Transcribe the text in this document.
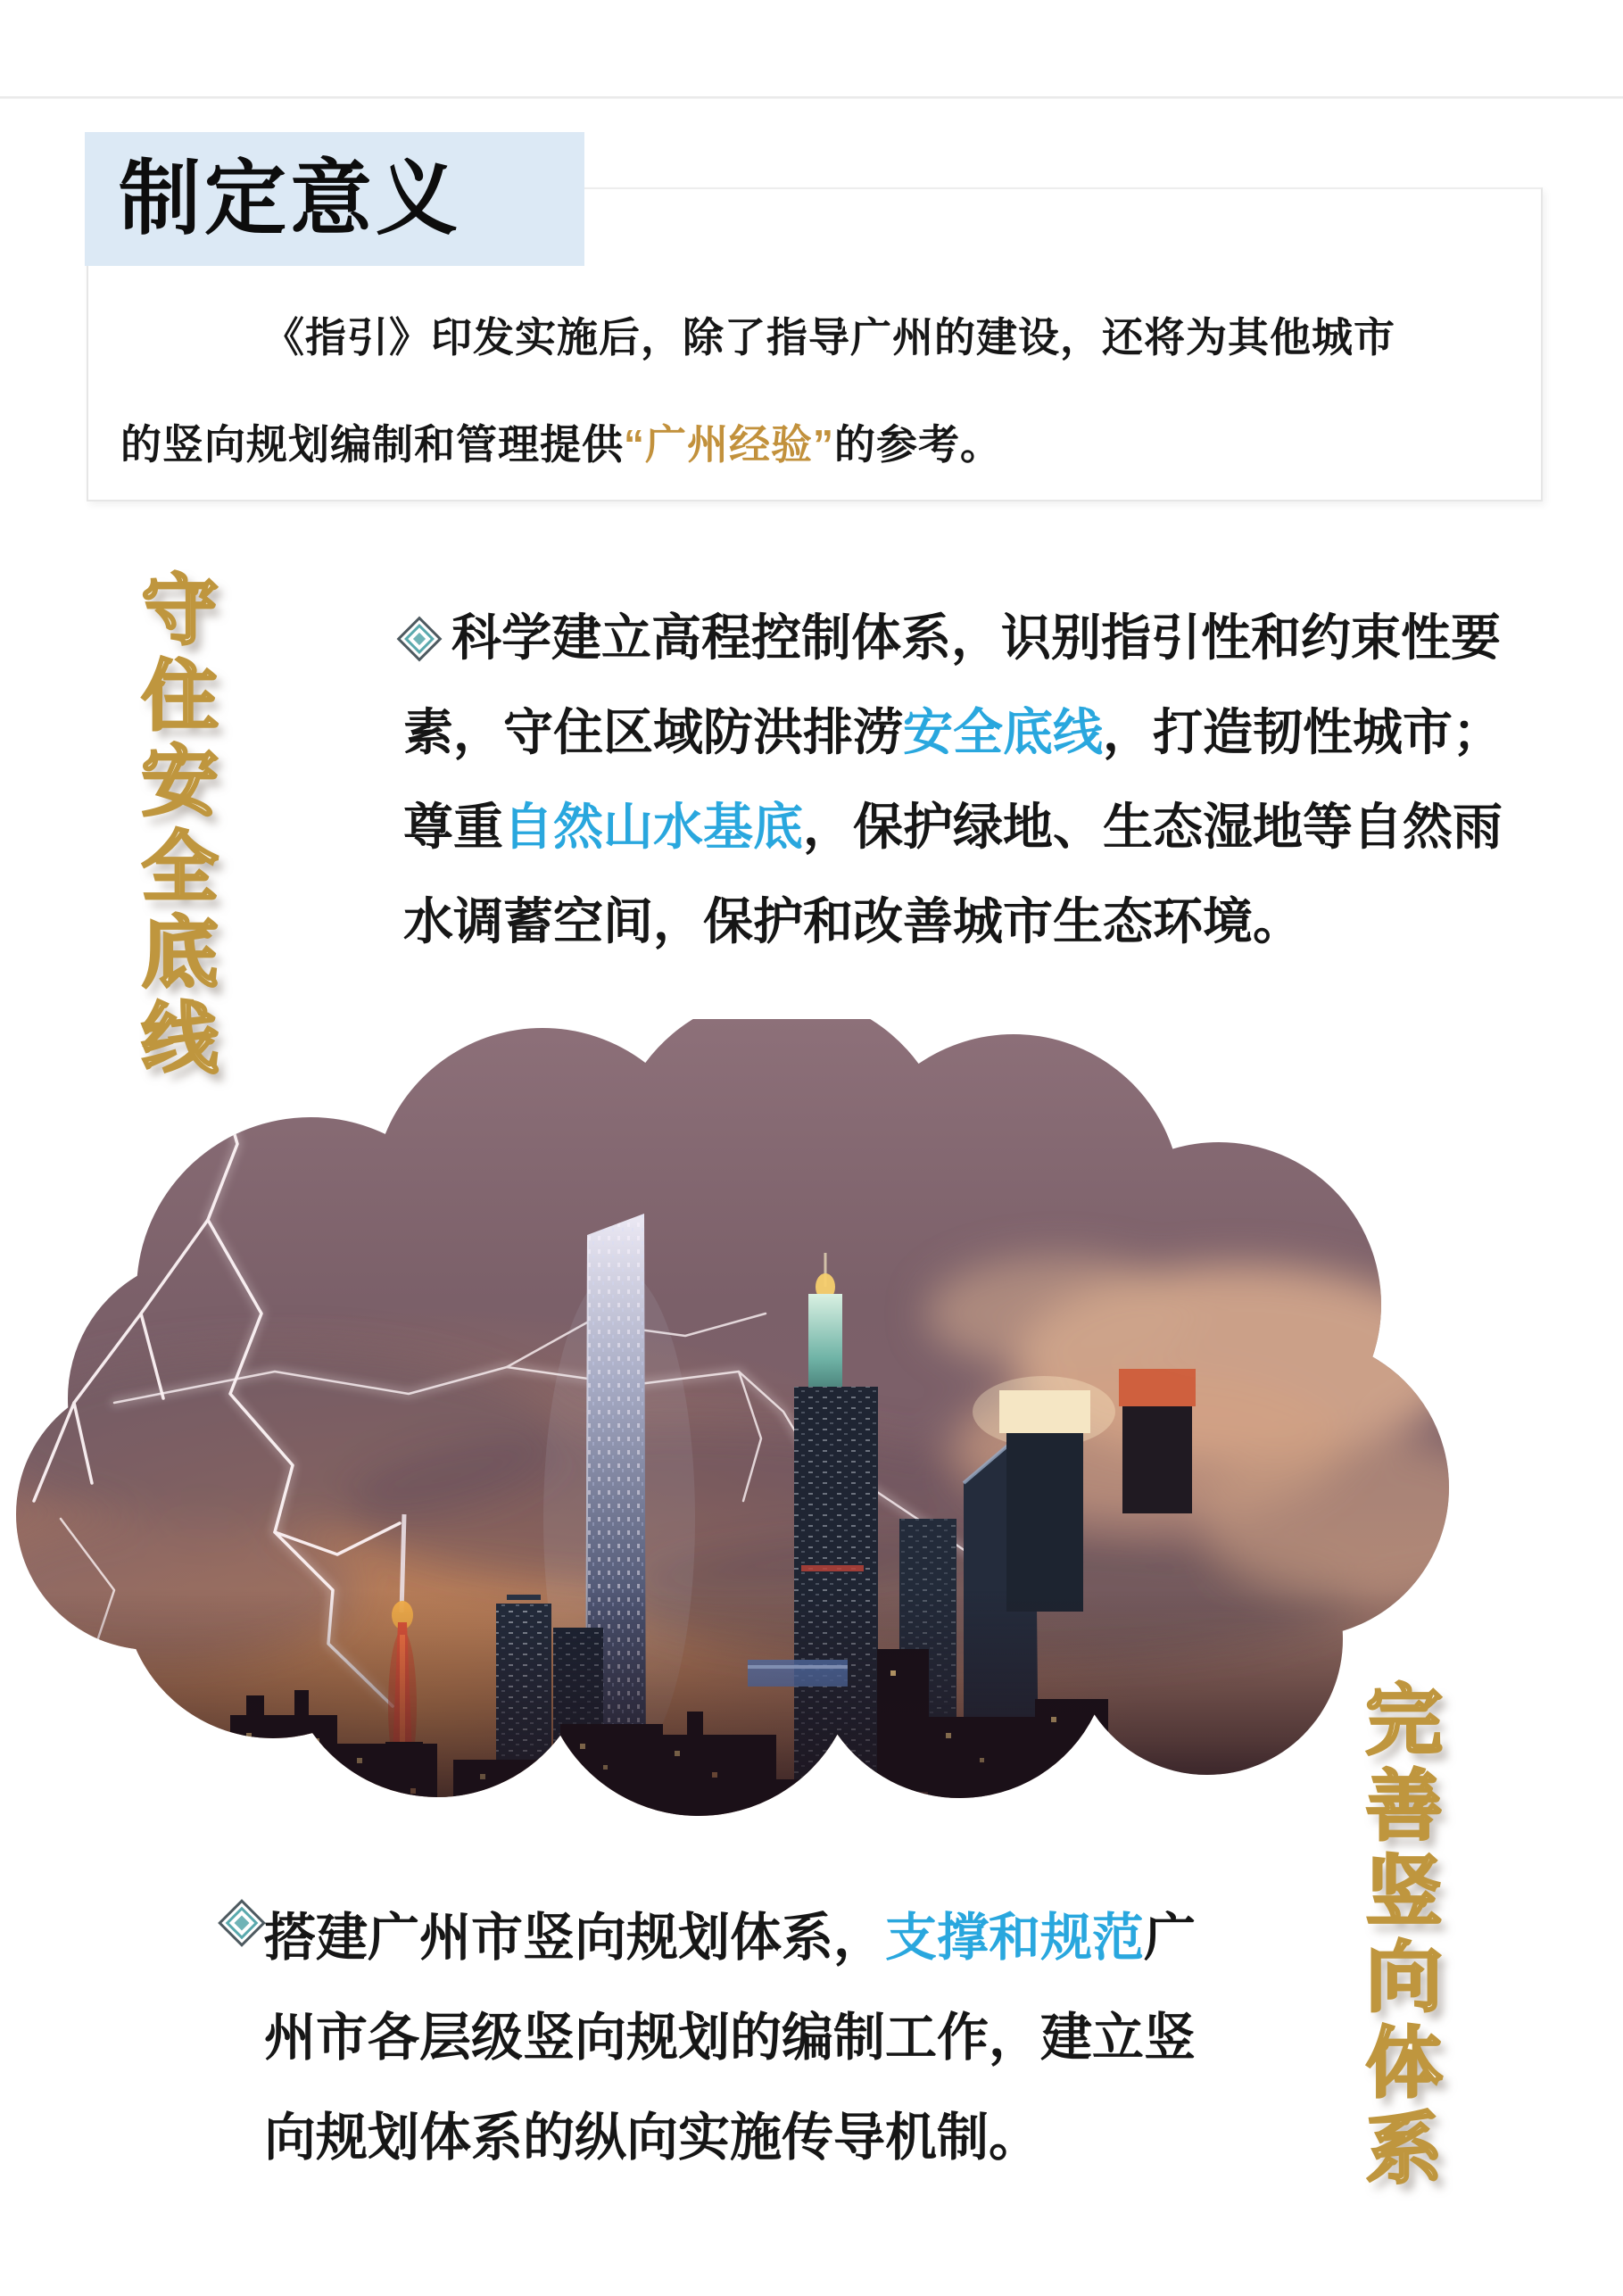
制定意义
《指引》印发实施后，除了指导广州的建设，还将为其他城市
的竖向规划编制和管理提供“广州经验”的参考。
守住安全底线	科学建立高程控制体系，识别指引性和约束性要
素，守住区域防洪排涝安全底线，打造韧性城市；
尊重自然山水基底，保护绿地、生态湿地等自然雨
水调蓄空间，保护和改善城市生态环境。
完善竖向体系
搭建广州市竖向规划体系，支撑和规范广
州市各层级竖向规划的编制工作，建立竖
向规划体系的纵向实施传导机制。
